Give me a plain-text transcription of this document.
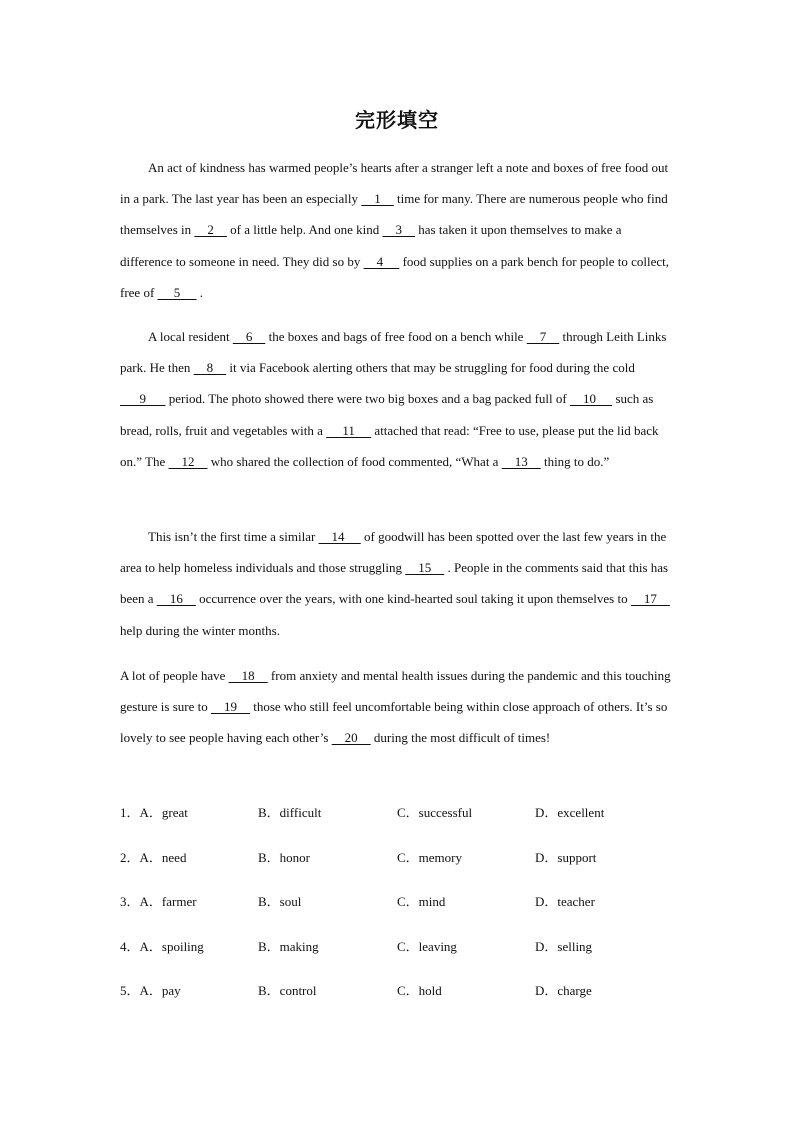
完形填空

An act of kindness has warmed people’s hearts after a stranger left a note and boxes of free food out in a park. The last year has been an especially     1     time for many. There are numerous people who find themselves in     2     of a little help. And one kind     3     has taken it upon themselves to make a difference to someone in need. They did so by     4      food supplies on a park bench for people to collect, free of      5      .

A local resident     6     the boxes and bags of free food on a bench while     7     through Leith Links park. He then     8     it via Facebook alerting others that may be struggling for food during the cold       9       period. The photo showed there were two big boxes and a bag packed full of     10      such as bread, rolls, fruit and vegetables with a      11      attached that read: “Free to use, please put the lid back on.” The     12     who shared the collection of food commented, “What a     13     thing to do.”

This isn’t the first time a similar     14      of goodwill has been spotted over the last few years in the area to help homeless individuals and those struggling     15     . People in the comments said that this has been a     16     occurrence over the years, with one kind-hearted soul taking it upon themselves to     17     help during the winter months.

A lot of people have     18     from anxiety and mental health issues during the pandemic and this touching gesture is sure to     19     those who still feel uncomfortable being within close approach of others. It’s so lovely to see people having each other’s     20     during the most difficult of times!

1．A．great	B．difficult	C．successful	D．excellent
2．A．need	B．honor	C．memory	D．support
3．A．farmer	B．soul	C．mind	D．teacher
4．A．spoiling	B．making	C．leaving	D．selling
5．A．pay	B．control	C．hold	D．charge
